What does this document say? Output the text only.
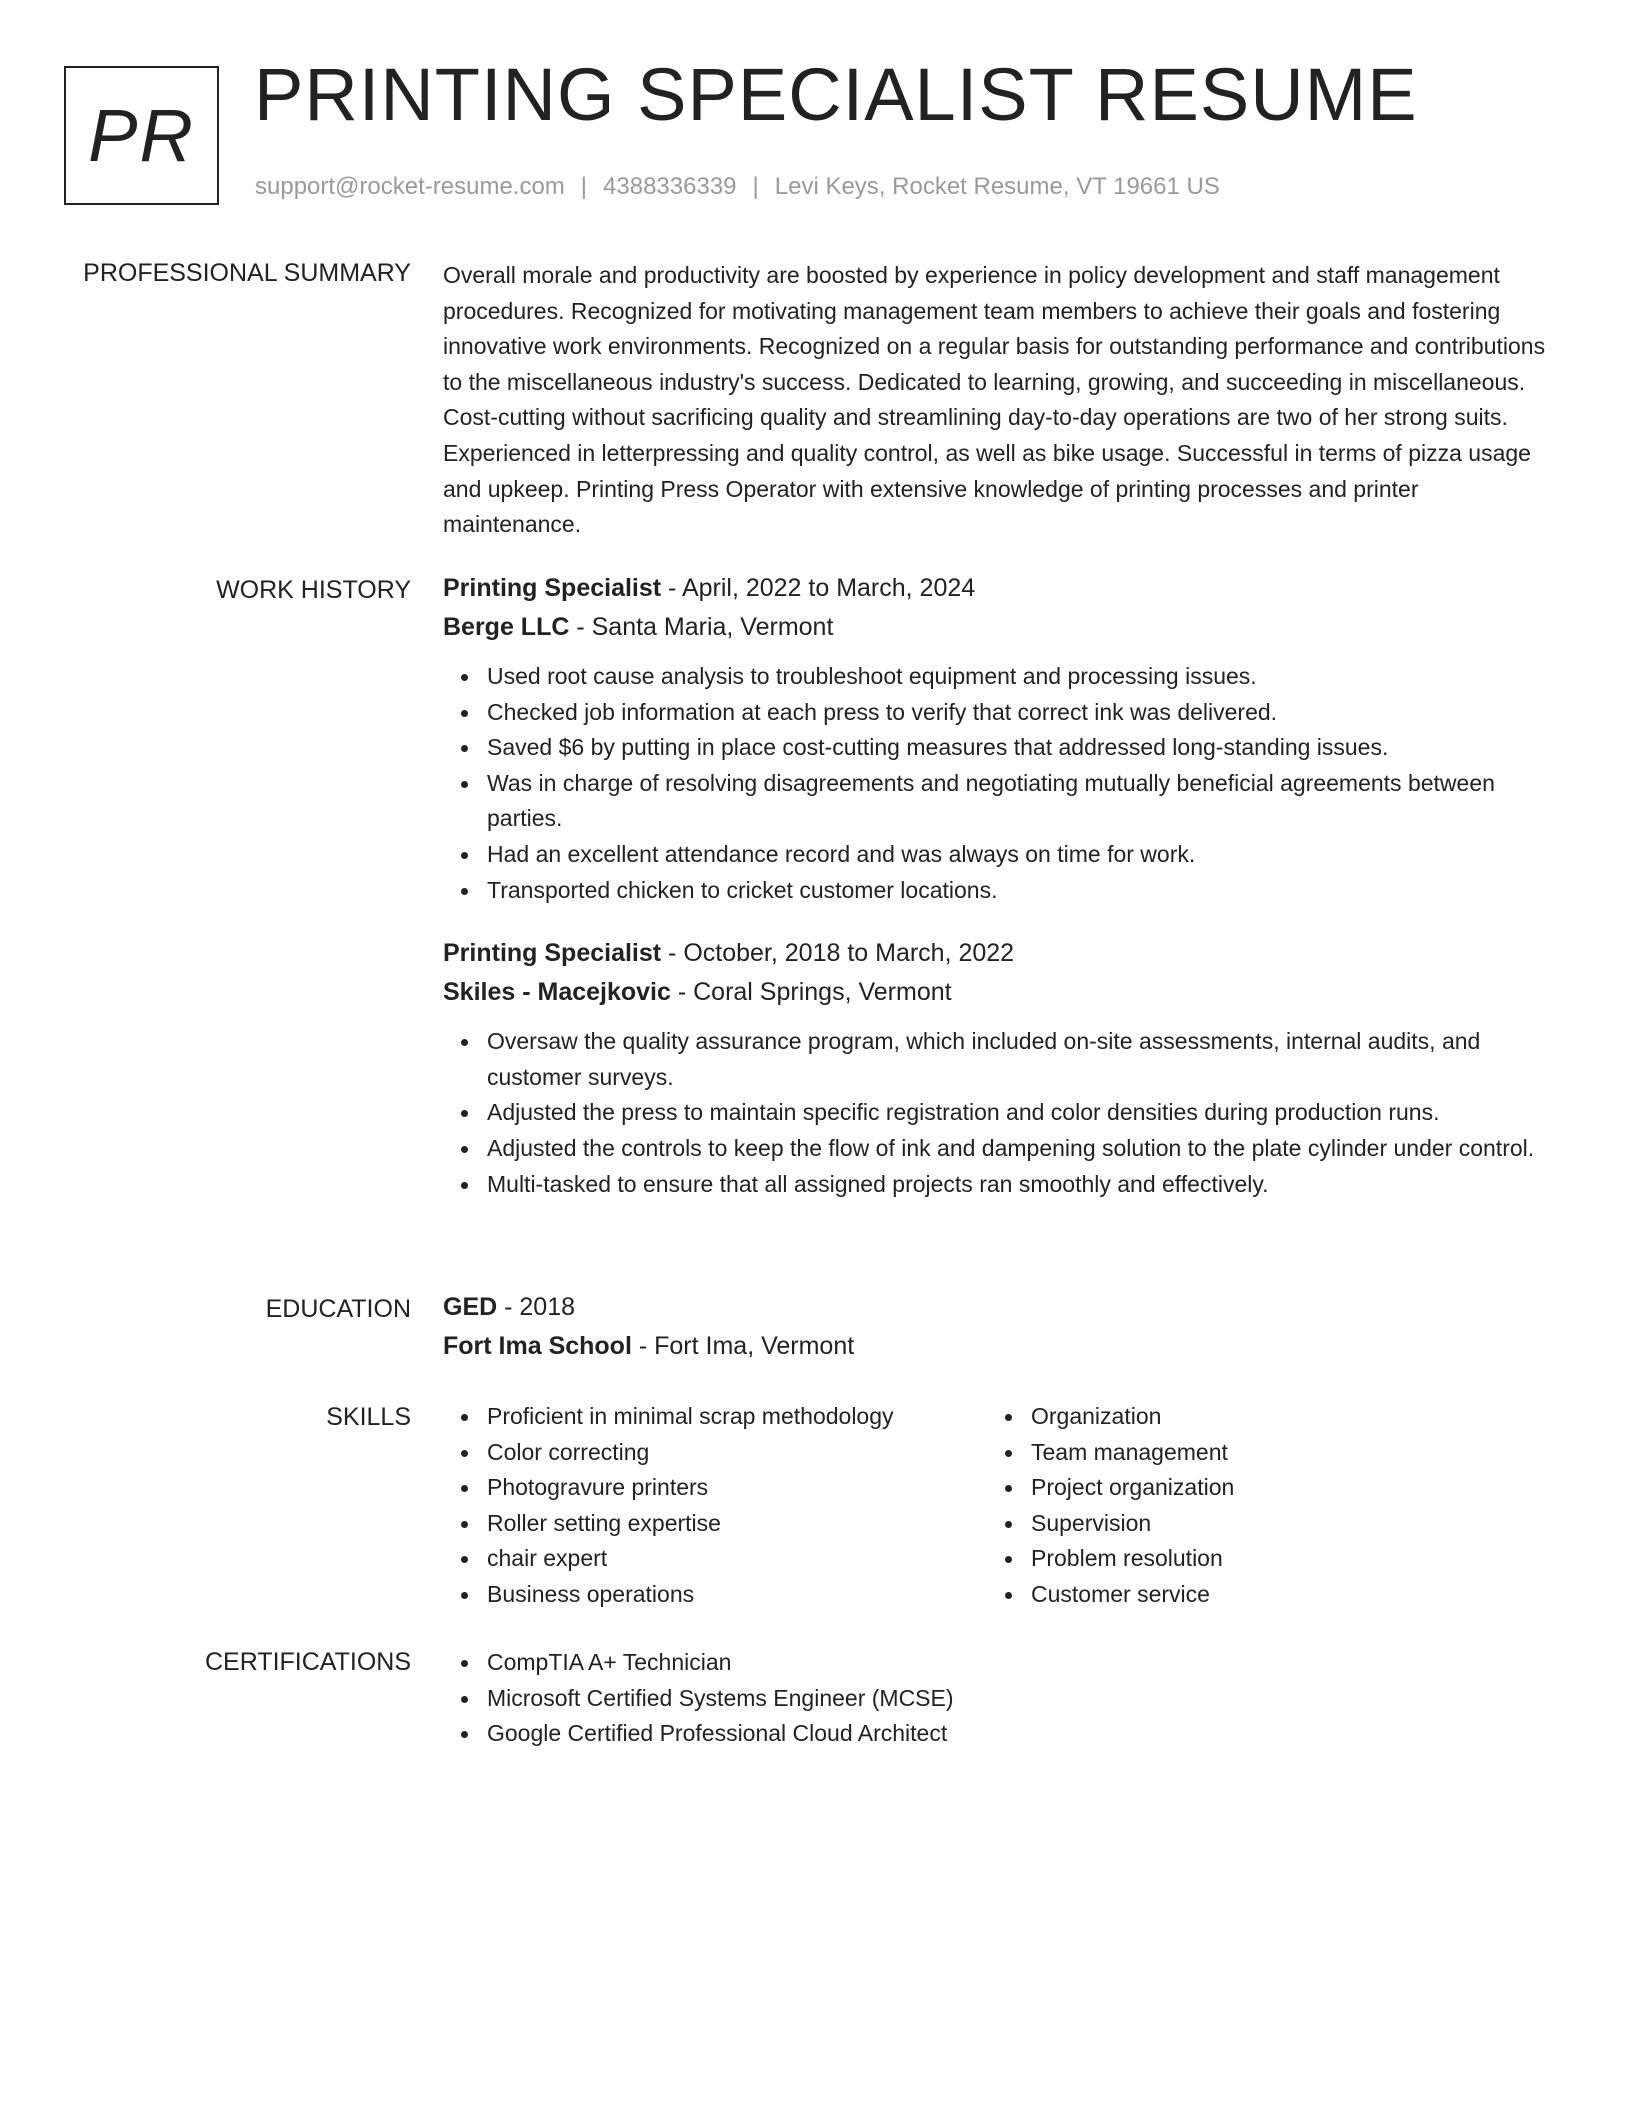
PR PRINTING SPECIALIST RESUME
support@rocket-resume.com | 4388336339 | Levi Keys, Rocket Resume, VT 19661 US
PROFESSIONAL SUMMARY Overall morale and productivity are boosted by experience in policy development and staff management procedures. Recognized for motivating management team members to achieve their goals and fostering innovative work environments. Recognized on a regular basis for outstanding performance and contributions to the miscellaneous industry's success. Dedicated to learning, growing, and succeeding in miscellaneous. Cost-cutting without sacrificing quality and streamlining day-to-day operations are two of her strong suits. Experienced in letterpressing and quality control, as well as bike usage. Successful in terms of pizza usage and upkeep. Printing Press Operator with extensive knowledge of printing processes and printer maintenance.

WORK HISTORY Printing Specialist - April, 2022 to March, 2024
Berge LLC - Santa Maria, Vermont
Used root cause analysis to troubleshoot equipment and processing issues.
Checked job information at each press to verify that correct ink was delivered.
Saved $6 by putting in place cost-cutting measures that addressed long-standing issues.
Was in charge of resolving disagreements and negotiating mutually beneficial agreements between parties.
Had an excellent attendance record and was always on time for work.
Transported chicken to cricket customer locations.
Printing Specialist - October, 2018 to March, 2022
Skiles - Macejkovic - Coral Springs, Vermont
Oversaw the quality assurance program, which included on-site assessments, internal audits, and customer surveys.
Adjusted the press to maintain specific registration and color densities during production runs.
Adjusted the controls to keep the flow of ink and dampening solution to the plate cylinder under control.
Multi-tasked to ensure that all assigned projects ran smoothly and effectively.
EDUCATION GED - 2018
Fort Ima School - Fort Ima, Vermont
SKILLS	Proficient in minimal scrap methodology
Color correcting
Photogravure printers
Roller setting expertise
chair expert
Business operations
Organization
Team management
Project organization
Supervision
Problem resolution
Customer service
CERTIFICATIONS	CompTIA A+ Technician
Microsoft Certified Systems Engineer (MCSE)
Google Certified Professional Cloud Architect
